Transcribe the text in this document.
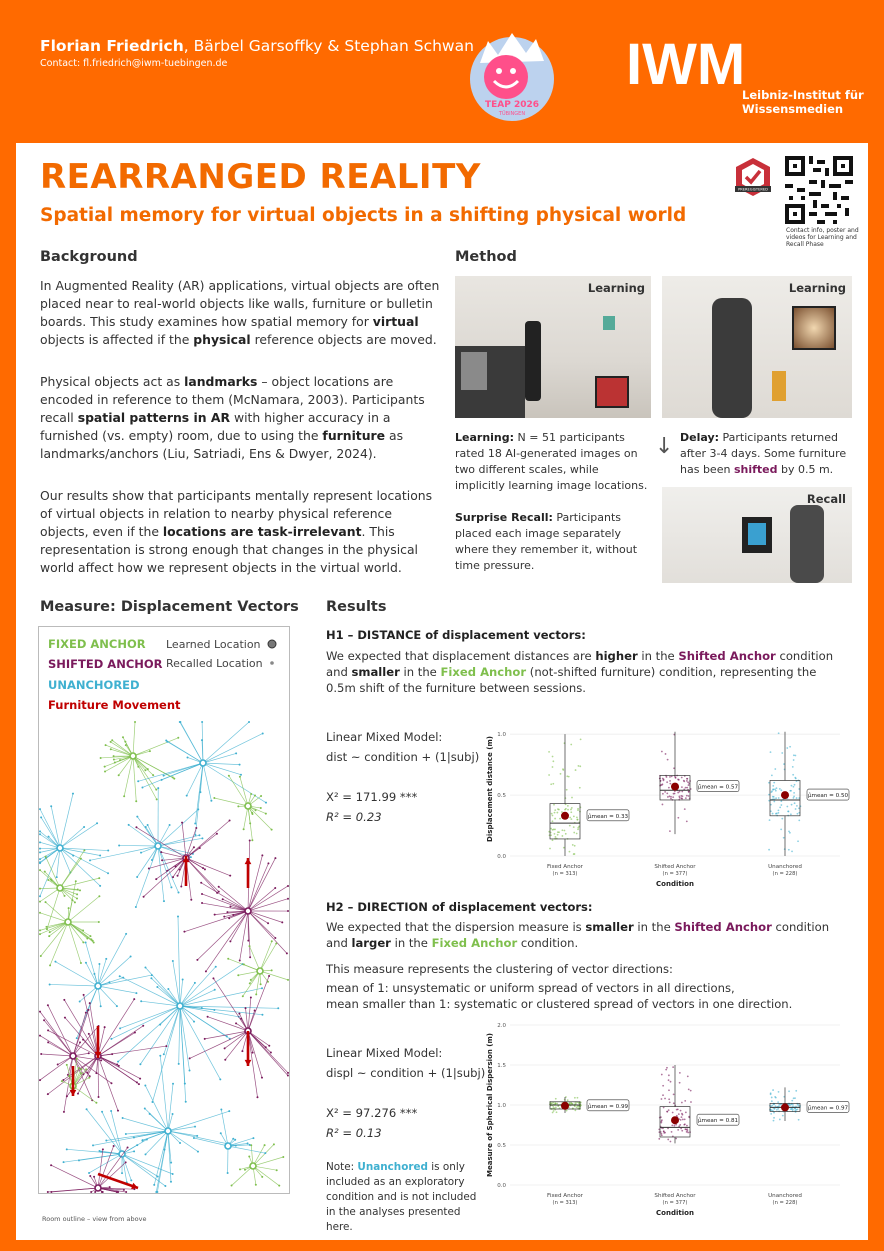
Florian Friedrich, Bärbel Garsoffky & Stephan Schwan
Contact: fl.friedrich@iwm-tuebingen.de
TEAP 2026
TÜBINGEN
IWM
Leibniz-Institut für
Wissensmedien
REARRANGED REALITY
Spatial memory for virtual objects in a shifting physical world
PREREGISTERED
Contact info, poster and videos for Learning and Recall Phase
Background
In Augmented Reality (AR) applications, virtual objects are often placed near to real-world objects like walls, furniture or bulletin boards. This study examines how spatial memory for virtual objects is affected if the physical reference objects are moved.
Physical objects act as landmarks – object locations are encoded in reference to them (McNamara, 2003). Participants recall spatial patterns in AR with higher accuracy in a furnished (vs. empty) room, due to using the furniture as landmarks/anchors (Liu, Satriadi, Ens & Dwyer, 2024).
Our results show that participants mentally represent locations of virtual objects in relation to nearby physical reference objects, even if the locations are task-irrelevant. This representation is strong enough that changes in the physical world affect how we represent objects in the virtual world.
Method
Learning	Learning
Learning: N = 51 participants rated 18 AI-generated images on two different scales, while implicitly learning image locations.
↓ Delay: Participants returned after 3-4 days. Some furniture has been shifted by 0.5 m.
Surprise Recall: Participants placed each image separately where they remember it, without time pressure.
Recall
Measure: Displacement Vectors
FIXED ANCHOR
SHIFTED ANCHOR
UNANCHORED
Furniture Movement
Learned Location
Recalled Location
Room outline – view from above
Results
H1 – DISTANCE of displacement vectors:
We expected that displacement distances are higher in the Shifted Anchor condition and smaller in the Fixed Anchor (not-shifted furniture) condition, representing the 0.5m shift of the furniture between sessions.
Linear Mixed Model:
dist ~ condition + (1|subj)
X² = 171.99 ***
R² = 0.23
0.0
0.5
1.0
Displacement distance (m)
Condition
μ̂mean = 0.33
Fixed Anchor
(n = 313)
μ̂mean = 0.57
Shifted Anchor
(n = 377)
μ̂mean = 0.50
Unanchored
(n = 228)
H2 – DIRECTION of displacement vectors:
We expected that the dispersion measure is smaller in the Shifted Anchor condition and larger in the Fixed Anchor condition.
This measure represents the clustering of vector directions:
mean of 1: unsystematic or uniform spread of vectors in all directions,
mean smaller than 1: systematic or clustered spread of vectors in one direction.
Linear Mixed Model:
displ ~ condition + (1|subj)
X² = 97.276 ***
R² = 0.13
Note: Unanchored is only included as an exploratory condition and is not included in the analyses presented here.
0.0
0.5
1.0
1.5
2.0
Measure of Spherical Dispersion (m)
Condition
μ̂mean = 0.99
Fixed Anchor
(n = 313)
μ̂mean = 0.81
Shifted Anchor
(n = 377)
μ̂mean = 0.97
Unanchored
(n = 228)
